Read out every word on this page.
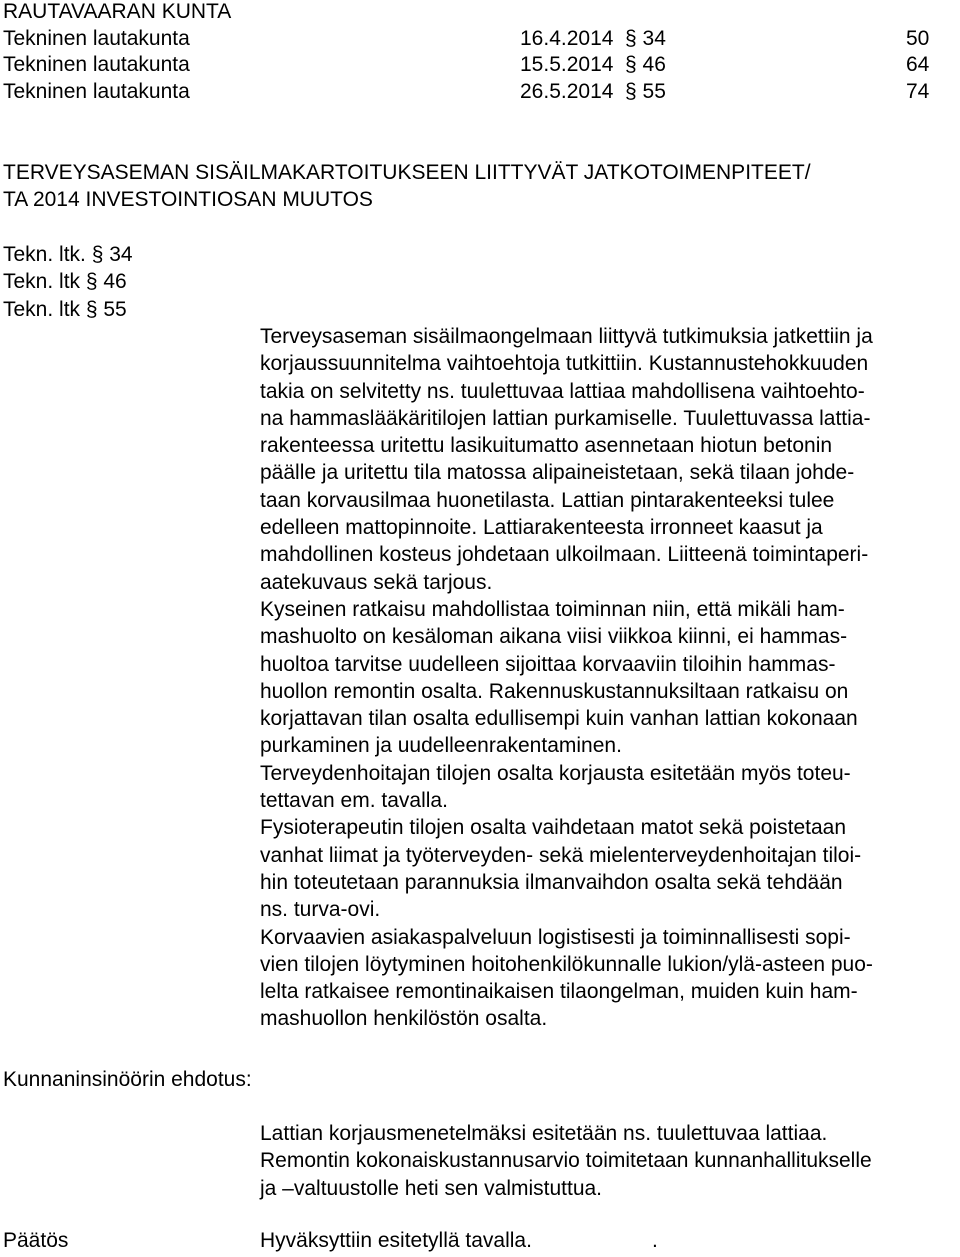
RAUTAVAARAN KUNTA
Tekninen lautakunta	16.4.2014 § 34	50
Tekninen lautakunta	15.5.2014 § 46	64
Tekninen lautakunta	26.5.2014 § 55	74
TERVEYSASEMAN SISÄILMAKARTOITUKSEEN LIITTYVÄT JATKOTOIMENPITEET/
TA 2014 INVESTOINTIOSAN MUUTOS
Tekn. ltk. § 34
Tekn. ltk § 46
Tekn. ltk § 55
Terveysaseman sisäilmaongelmaan liittyvä tutkimuksia jatkettiin ja
korjaussuunnitelma vaihtoehtoja tutkittiin. Kustannustehokkuuden
takia on selvitetty ns. tuulettuvaa lattiaa mahdollisena vaihtoehto-
na hammaslääkäritilojen lattian purkamiselle. Tuulettuvassa lattia-
rakenteessa uritettu lasikuitumatto asennetaan hiotun betonin
päälle ja uritettu tila matossa alipaineistetaan, sekä tilaan johde-
taan korvausilmaa huonetilasta. Lattian pintarakenteeksi tulee
edelleen mattopinnoite. Lattiarakenteesta irronneet kaasut ja
mahdollinen kosteus johdetaan ulkoilmaan. Liitteenä toimintaperi-
aatekuvaus sekä tarjous.
Kyseinen ratkaisu mahdollistaa toiminnan niin, että mikäli ham-
mashuolto on kesäloman aikana viisi viikkoa kiinni, ei hammas-
huoltoa tarvitse uudelleen sijoittaa korvaaviin tiloihin hammas-
huollon remontin osalta. Rakennuskustannuksiltaan ratkaisu on
korjattavan tilan osalta edullisempi kuin vanhan lattian kokonaan
purkaminen ja uudelleenrakentaminen.
Terveydenhoitajan tilojen osalta korjausta esitetään myös toteu-
tettavan em. tavalla.
Fysioterapeutin tilojen osalta vaihdetaan matot sekä poistetaan
vanhat liimat ja työterveyden- sekä mielenterveydenhoitajan tiloi-
hin toteutetaan parannuksia ilmanvaihdon osalta sekä tehdään
ns. turva-ovi.
Korvaavien asiakaspalveluun logistisesti ja toiminnallisesti sopi-
vien tilojen löytyminen hoitohenkilökunnalle lukion/ylä-asteen puo-
lelta ratkaisee remontinaikaisen tilaongelman, muiden kuin ham-
mashuollon henkilöstön osalta.
Kunnaninsinöörin ehdotus:
Lattian korjausmenetelmäksi esitetään ns. tuulettuvaa lattiaa.
Remontin kokonaiskustannusarvio toimitetaan kunnanhallitukselle
ja –valtuustolle heti sen valmistuttua.
Päätös	Hyväksyttiin esitetyllä tavalla.	.
